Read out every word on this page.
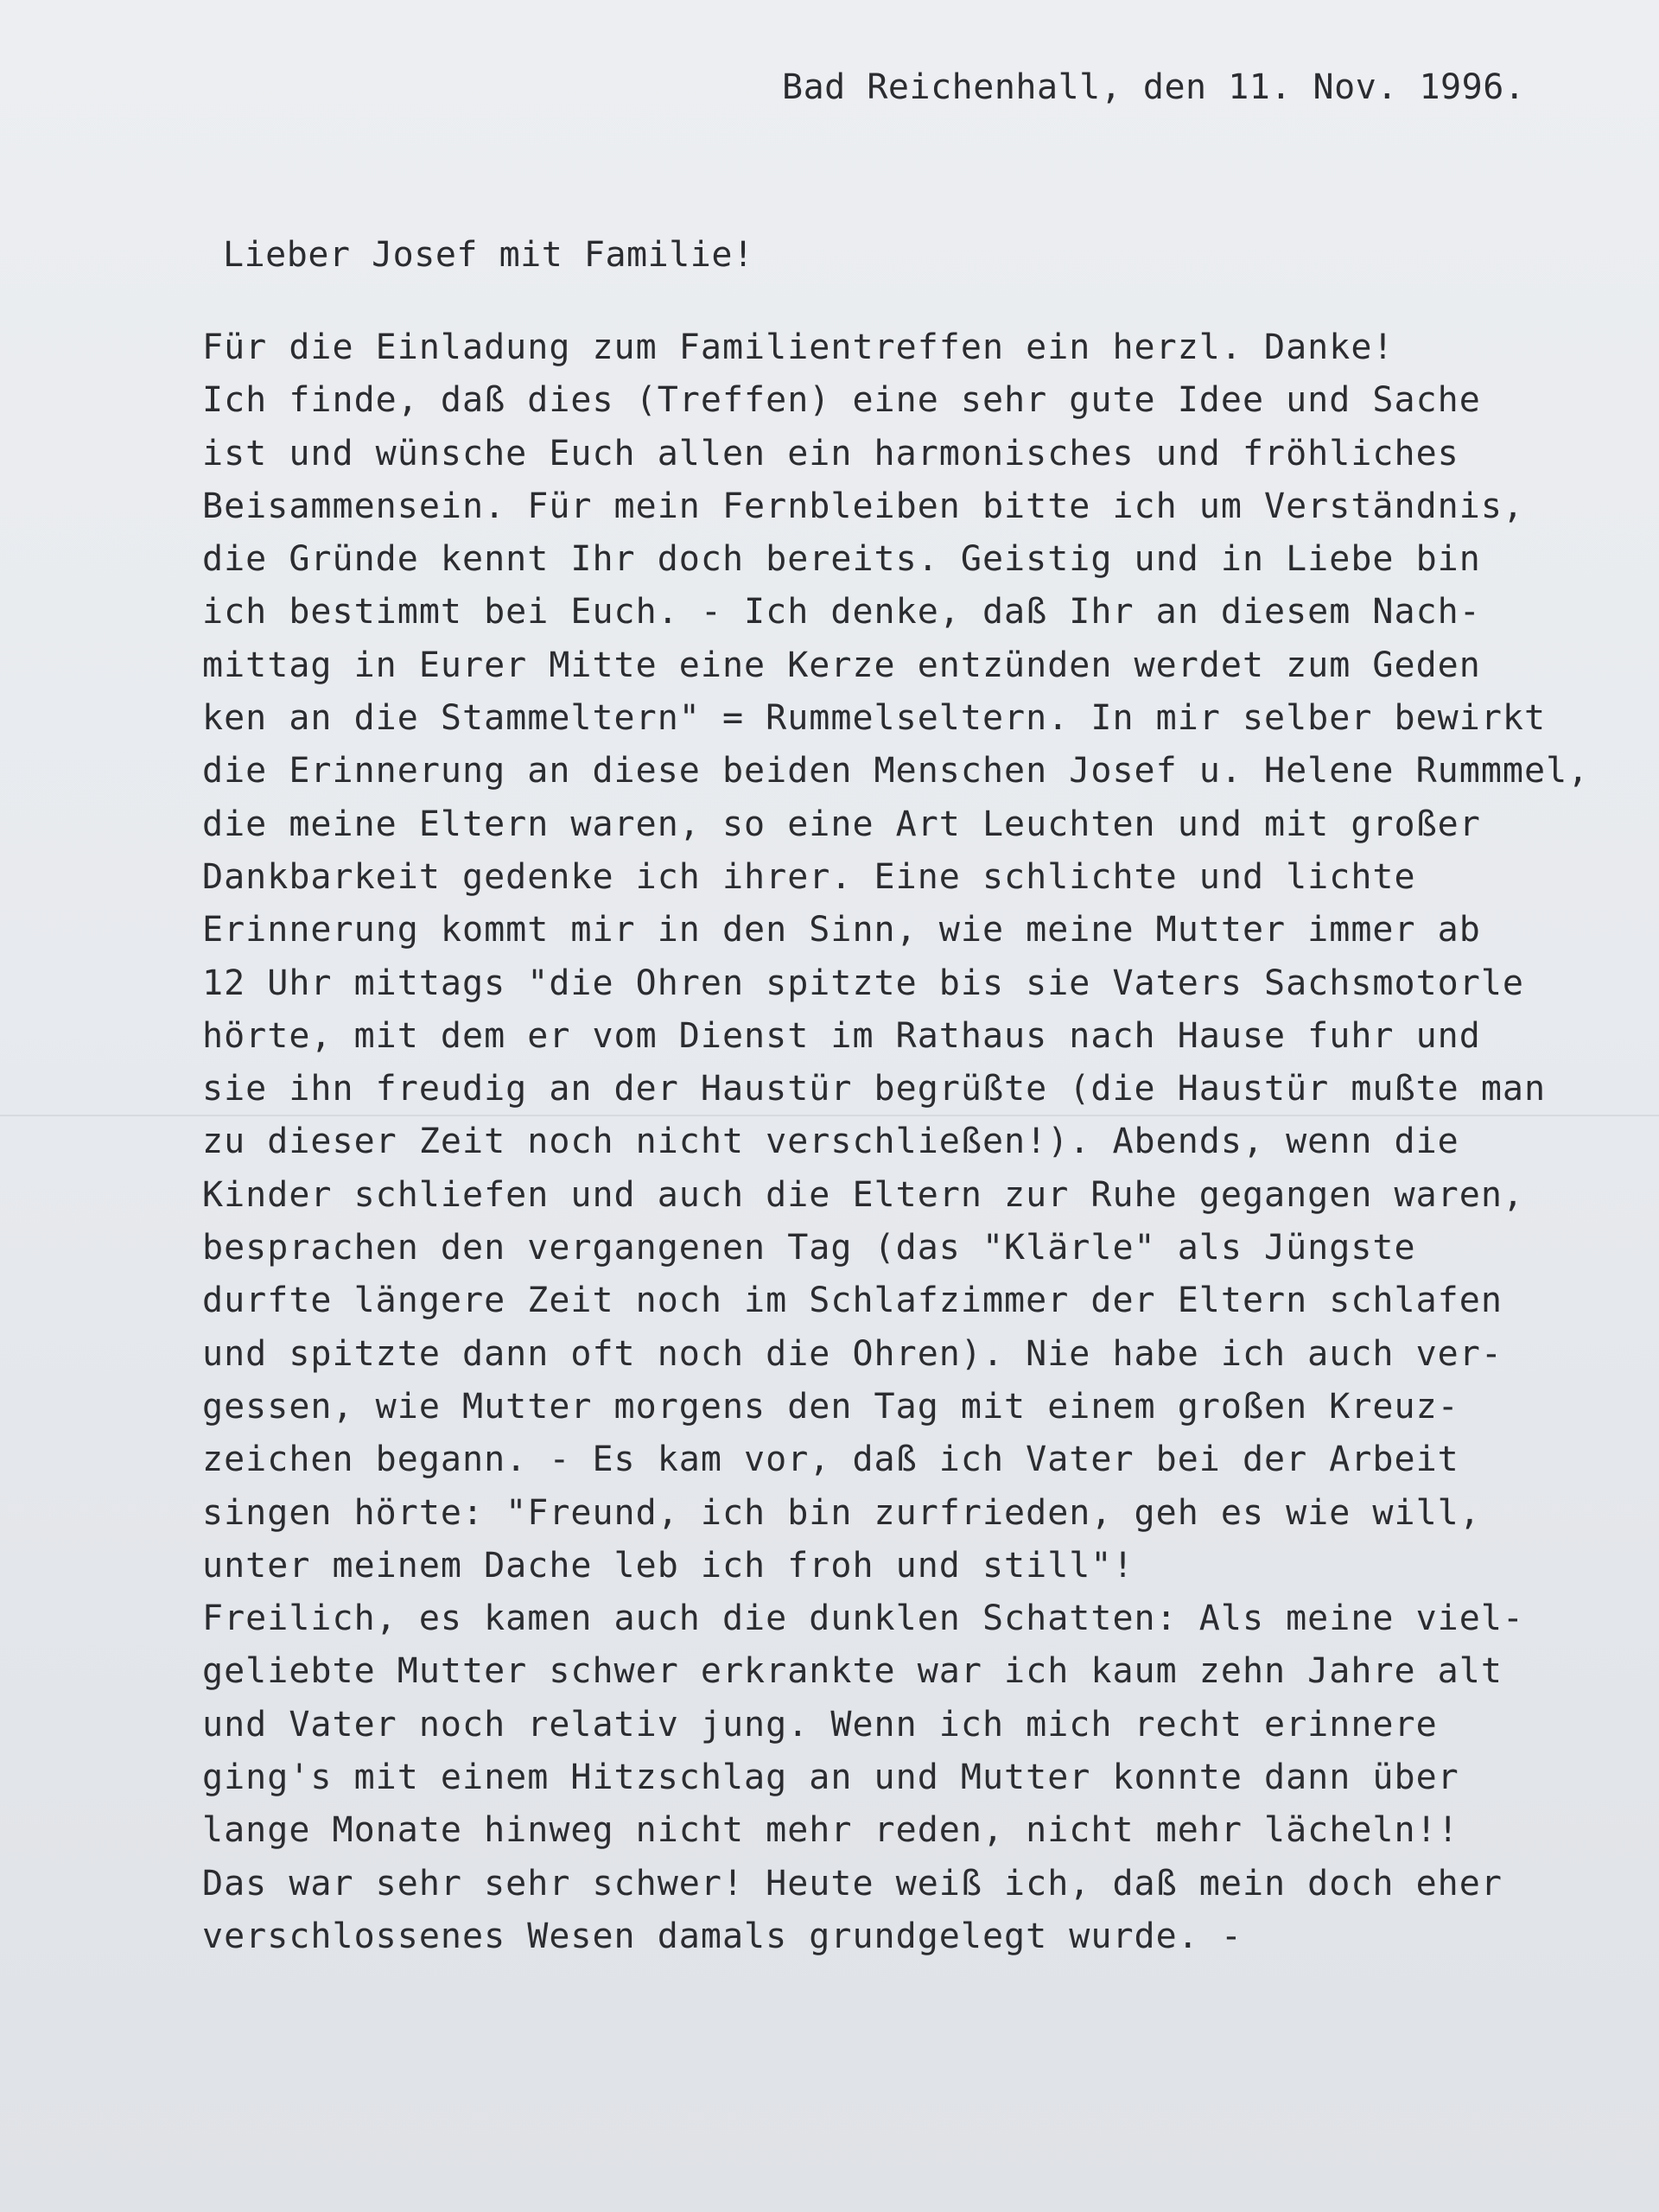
Bad Reichenhall, den 11. Nov. 1996.
Lieber Josef mit Familie!
Für die Einladung zum Familientreffen ein herzl. Danke!
Ich finde, daß dies (Treffen) eine sehr gute Idee und Sache
ist und wünsche Euch allen ein harmonisches und fröhliches
Beisammensein. Für mein Fernbleiben bitte ich um Verständnis,
die Gründe kennt Ihr doch bereits. Geistig und in Liebe bin
ich bestimmt bei Euch. - Ich denke, daß Ihr an diesem Nach-
mittag in Eurer Mitte eine Kerze entzünden werdet zum Geden
ken an die Stammeltern" = Rummelseltern. In mir selber bewirkt
die Erinnerung an diese beiden Menschen Josef u. Helene Rummmel,
die meine Eltern waren, so eine Art Leuchten und mit großer
Dankbarkeit gedenke ich ihrer. Eine schlichte und lichte
Erinnerung kommt mir in den Sinn, wie meine Mutter immer ab
12 Uhr mittags "die Ohren spitzte bis sie Vaters Sachsmotorle
hörte, mit dem er vom Dienst im Rathaus nach Hause fuhr und
sie ihn freudig an der Haustür begrüßte (die Haustür mußte man
zu dieser Zeit noch nicht verschließen!). Abends, wenn die
Kinder schliefen und auch die Eltern zur Ruhe gegangen waren,
besprachen den vergangenen Tag (das "Klärle" als Jüngste
durfte längere Zeit noch im Schlafzimmer der Eltern schlafen
und spitzte dann oft noch die Ohren). Nie habe ich auch ver-
gessen, wie Mutter morgens den Tag mit einem großen Kreuz-
zeichen begann. - Es kam vor, daß ich Vater bei der Arbeit
singen hörte: "Freund, ich bin zurfrieden, geh es wie will,
unter meinem Dache leb ich froh und still"!
Freilich, es kamen auch die dunklen Schatten: Als meine viel-
geliebte Mutter schwer erkrankte war ich kaum zehn Jahre alt
und Vater noch relativ jung. Wenn ich mich recht erinnere
ging's mit einem Hitzschlag an und Mutter konnte dann über
lange Monate hinweg nicht mehr reden, nicht mehr lächeln!!
Das war sehr sehr schwer! Heute weiß ich, daß mein doch eher
verschlossenes Wesen damals grundgelegt wurde. -
